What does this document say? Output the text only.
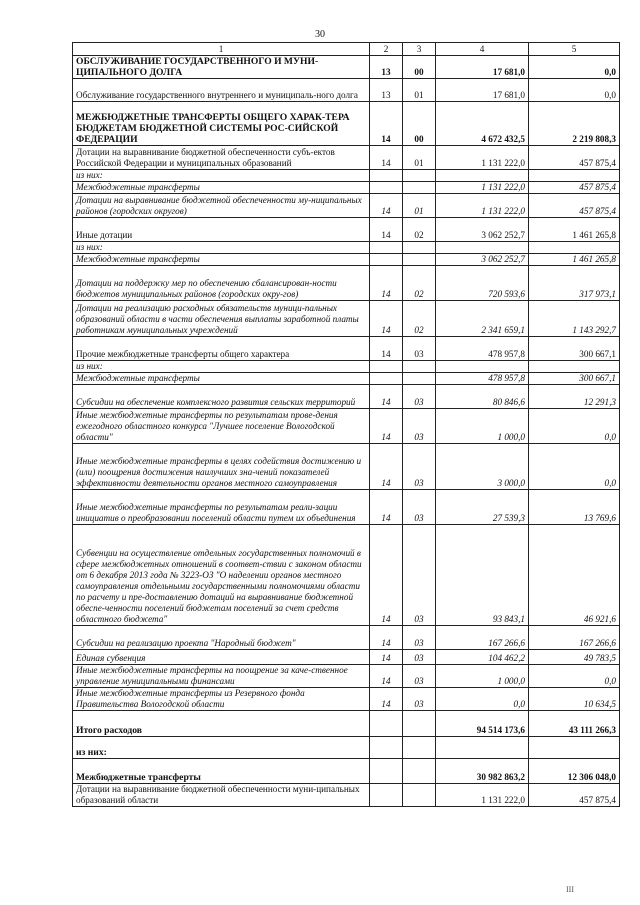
30
1	2	3	4	5
ОБСЛУЖИВАНИЕ ГОСУДАРСТВЕННОГО И МУНИ-ЦИПАЛЬНОГО ДОЛГА	13	00	17 681,0	0,0
Обслуживание государственного внутреннего и муниципаль-ного долга	13	01	17 681,0	0,0
МЕЖБЮДЖЕТНЫЕ ТРАНСФЕРТЫ ОБЩЕГО ХАРАК-ТЕРА БЮДЖЕТАМ БЮДЖЕТНОЙ СИСТЕМЫ РОС-СИЙСКОЙ ФЕДЕРАЦИИ	14	00	4 672 432,5	2 219 808,3
Дотации на выравнивание бюджетной обеспеченности субъ-ектов Российской Федерации и муниципальных образований	14	01	1 131 222,0	457 875,4
из них:				
Межбюджетные трансферты			1 131 222,0	457 875,4
Дотации на выравнивание бюджетной обеспеченности му-ниципальных районов (городских округов)	14	01	1 131 222,0	457 875,4
Иные дотации	14	02	3 062 252,7	1 461 265,8
из них:				
Межбюджетные трансферты			3 062 252,7	1 461 265,8
Дотации на поддержку мер по обеспечению сбалансирован-ности бюджетов муниципальных районов (городских окру-гов)	14	02	720 593,6	317 973,1
Дотации на реализацию расходных обязательств муници-пальных образований области в части обеспечения выплаты заработной платы работникам муниципальных учреждений	14	02	2 341 659,1	1 143 292,7
Прочие межбюджетные трансферты общего характера	14	03	478 957,8	300 667,1
из них:				
Межбюджетные трансферты			478 957,8	300 667,1
Субсидии на обеспечение комплексного развития сельских территорий	14	03	80 846,6	12 291,3
Иные межбюджетные трансферты по результатам прове-дения ежегодного областного конкурса "Лучшее поселение Вологодской области"	14	03	1 000,0	0,0
Иные межбюджетные трансферты в целях содействия достижению и (или) поощрения достижения наилучших зна-чений показателей эффективности деятельности органов местного самоуправления	14	03	3 000,0	0,0
Иные межбюджетные трансферты по результатам реали-зации инициатив о преобразовании поселений области путем их объединения	14	03	27 539,3	13 769,6
Субвенции на осуществление отдельных государственных полномочий в сфере межбюджетных отношений в соответ-ствии с законом области от 6 декабря 2013 года № 3223-ОЗ "О наделении органов местного самоуправления отдельными государственными полномочиями области по расчету и пре-доставлению дотаций на выравнивание бюджетной обеспе-ченности поселений бюджетам поселений за счет средств областного бюджета"	14	03	93 843,1	46 921,6
Субсидии на реализацию проекта "Народный бюджет"	14	03	167 266,6	167 266,6
Единая субвенция	14	03	104 462,2	49 783,5
Иные межбюджетные трансферты на поощрение за каче-ственное управление муниципальными финансами	14	03	1 000,0	0,0
Иные межбюджетные трансферты из Резервного фонда Правительства Вологодской области	14	03	0,0	10 634,5
Итого расходов			94 514 173,6	43 111 266,3
из них:				
Межбюджетные трансферты			30 982 863,2	12 306 048,0
Дотации на выравнивание бюджетной обеспеченности муни-ципальных образований области			1 131 222,0	457 875,4
III
